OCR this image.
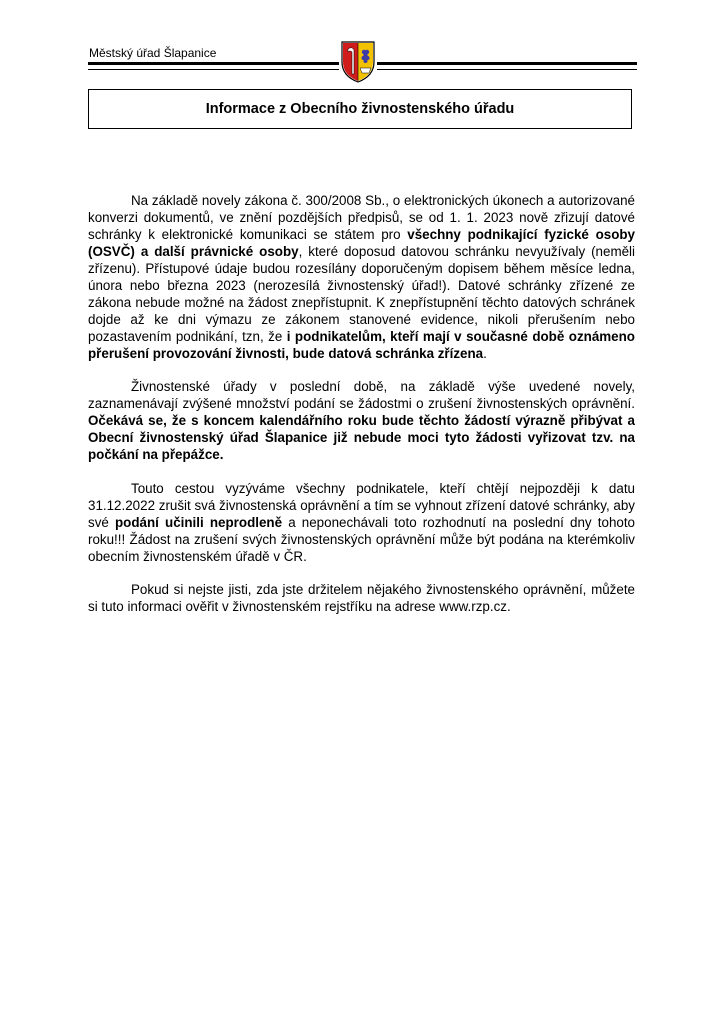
Městský úřad Šlapanice
Informace z Obecního živnostenského úřadu

Na základě novely zákona č. 300/2008 Sb., o elektronických úkonech a autorizované konverzi dokumentů, ve znění pozdějších předpisů, se od 1. 1. 2023 nově zřizují datové schránky k elektronické komunikaci se státem pro všechny podnikající fyzické osoby (OSVČ) a další právnické osoby, které doposud datovou schránku nevyužívaly (neměli zřízenu). Přístupové údaje budou rozesílány doporučeným dopisem během měsíce ledna, února nebo března 2023 (nerozesílá živnostenský úřad!). Datové schránky zřízené ze zákona nebude možné na žádost znepřístupnit. K znepřístupnění těchto datových schránek dojde až ke dni výmazu ze zákonem stanovené evidence, nikoli přerušením nebo pozastavením podnikání, tzn, že i podnikatelům, kteří mají v současné době oznámeno přerušení provozování živnosti, bude datová schránka zřízena.

Živnostenské úřady v poslední době, na základě výše uvedené novely, zaznamenávají zvýšené množství podání se žádostmi o zrušení živnostenských oprávnění. Očekává se, že s koncem kalendářního roku bude těchto žádostí výrazně přibývat a Obecní živnostenský úřad Šlapanice již nebude moci tyto žádosti vyřizovat tzv. na počkání na přepážce.

Touto cestou vyzýváme všechny podnikatele, kteří chtějí nejpozději k datu 31.12.2022 zrušit svá živnostenská oprávnění a tím se vyhnout zřízení datové schránky, aby své podání učinili neprodleně a neponechávali toto rozhodnutí na poslední dny tohoto roku!!! Žádost na zrušení svých živnostenských oprávnění může být podána na kterémkoliv obecním živnostenském úřadě v ČR.

Pokud si nejste jisti, zda jste držitelem nějakého živnostenského oprávnění, můžete si tuto informaci ověřit v živnostenském rejstříku na adrese www.rzp.cz.
